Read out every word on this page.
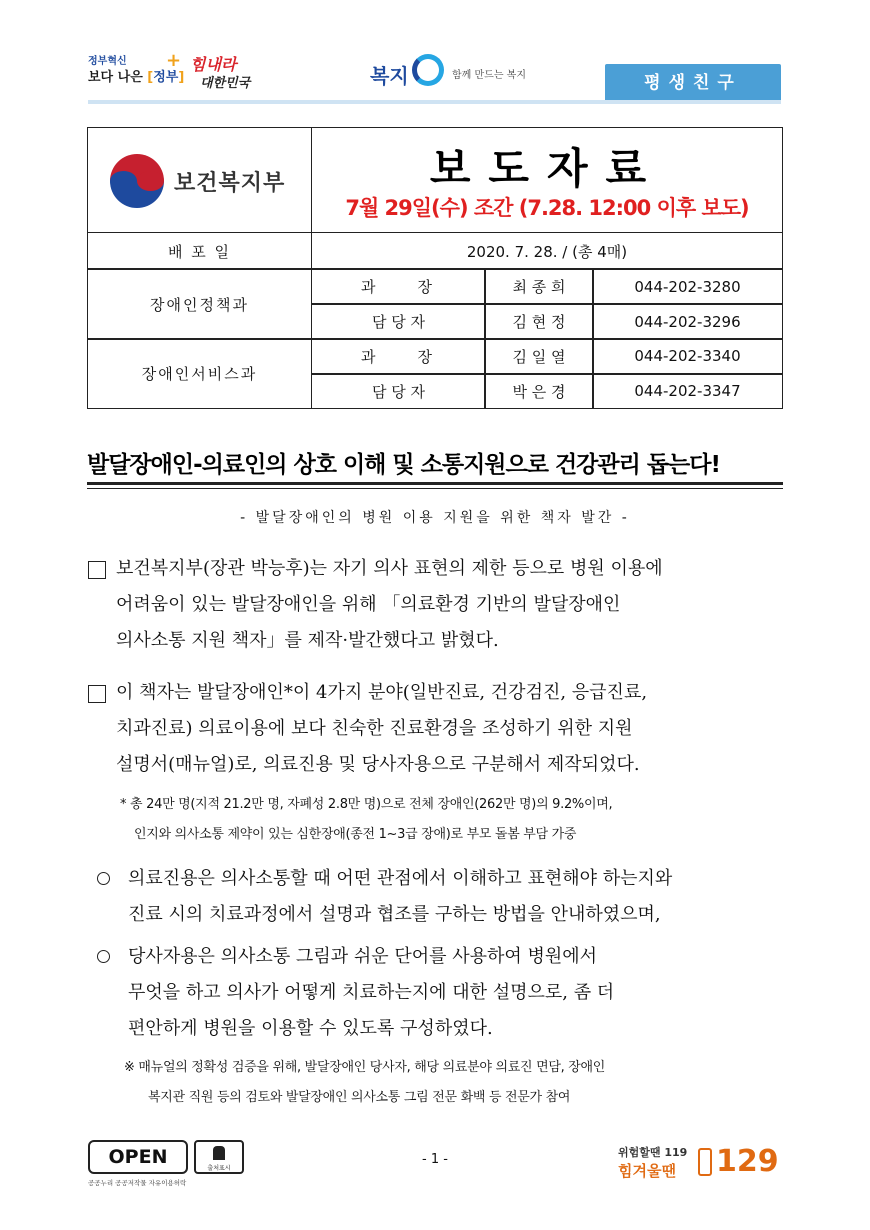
정부혁신
보다 나은 [정부]
+ 힘내라
대한민국	복지	함께 만드는 복지	평생친구
보건복지부	보도자료
7월 29일(수) 조간 (7.28. 12:00 이후 보도)
배 포 일	2020. 7. 28. / (총 4매)
장애인정책과
과　　장	최 종 희	044-202-3280
담 당 자	김 현 정	044-202-3296
장애인서비스과
과　　장	김 일 열	044-202-3340
담 당 자	박 은 경	044-202-3347
발달장애인-의료인의 상호 이해 및 소통지원으로 건강관리 돕는다!
- 발달장애인의 병원 이용 지원을 위한 책자 발간 -
보건복지부(장관 박능후)는 자기 의사 표현의 제한 등으로 병원 이용에
어려움이 있는 발달장애인을 위해 「의료환경 기반의 발달장애인
의사소통 지원 책자」를 제작·발간했다고 밝혔다.
이 책자는 발달장애인*이 4가지 분야(일반진료, 건강검진, 응급진료,
치과진료) 의료이용에 보다 친숙한 진료환경을 조성하기 위한 지원
설명서(매뉴얼)로, 의료진용 및 당사자용으로 구분해서 제작되었다.
* 총 24만 명(지적 21.2만 명, 자폐성 2.8만 명)으로 전체 장애인(262만 명)의 9.2%이며,
인지와 의사소통 제약이 있는 심한장애(종전 1~3급 장애)로 부모 돌봄 부담 가중
의료진용은 의사소통할 때 어떤 관점에서 이해하고 표현해야 하는지와
진료 시의 치료과정에서 설명과 협조를 구하는 방법을 안내하였으며,
당사자용은 의사소통 그림과 쉬운 단어를 사용하여 병원에서
무엇을 하고 의사가 어떻게 치료하는지에 대한 설명으로, 좀 더
편안하게 병원을 이용할 수 있도록 구성하였다.
※ 매뉴얼의 정확성 검증을 위해, 발달장애인 당사자, 해당 의료분야 의료진 면담, 장애인
복지관 직원 등의 검토와 발달장애인 의사소통 그림 전문 화백 등 전문가 참여
OPEN
출처표시
공공누리 공공저작물 자유이용허락
- 1 -	위험할땐 119
힘겨울땐 129
